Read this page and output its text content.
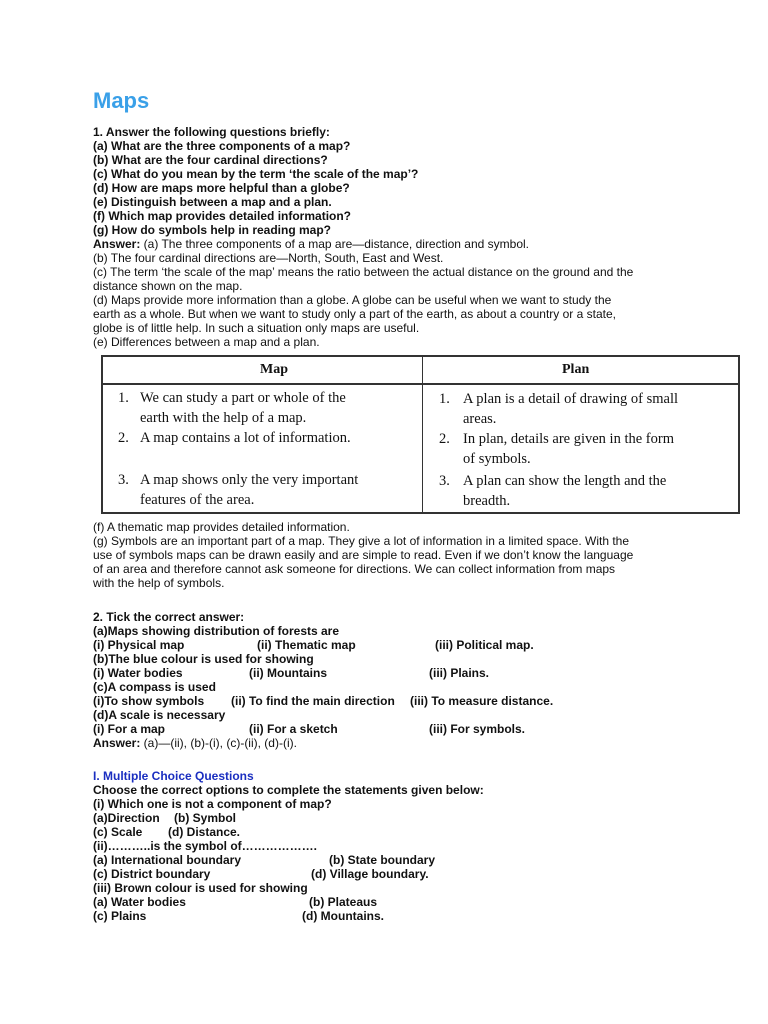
Maps
1. Answer the following questions briefly:
(a) What are the three components of a map?
(b) What are the four cardinal directions?
(c) What do you mean by the term ‘the scale of the map’?
(d) How are maps more helpful than a globe?
(e) Distinguish between a map and a plan.
(f) Which map provides detailed information?
(g) How do symbols help in reading map?
Answer: (a) The three components of a map are—distance, direction and symbol.
(b) The four cardinal directions are—North, South, East and West.
(c) The term ‘the scale of the map’ means the ratio between the actual distance on the ground and the
distance shown on the map.
(d) Maps provide more information than a globe. A globe can be useful when we want to study the
earth as a whole. But when we want to study only a part of the earth, as about a country or a state,
globe is of little help. In such a situation only maps are useful.
(e) Differences between a map and a plan.
Map	Plan
1. We can study a part or whole of the
earth with the help of a map.
2. A map contains a lot of information.
3. A map shows only the very important
features of the area.
1. A plan is a detail of drawing of small
areas.
2. In plan, details are given in the form
of symbols.
3. A plan can show the length and the
breadth.
(f) A thematic map provides detailed information.
(g) Symbols are an important part of a map. They give a lot of information in a limited space. With the
use of symbols maps can be drawn easily and are simple to read. Even if we don’t know the language
of an area and therefore cannot ask someone for directions. We can collect information from maps
with the help of symbols.
2. Tick the correct answer:
(a)Maps showing distribution of forests are
(i) Physical map	(ii) Thematic map	(iii) Political map.
(b)The blue colour is used for showing
(i) Water bodies	(ii) Mountains	(iii) Plains.
(c)A compass is used
(i)To show symbols (ii) To find the main direction (iii) To measure distance.
(d)A scale is necessary
(i) For a map	(ii) For a sketch	(iii) For symbols.
Answer: (a)—(ii), (b)-(i), (c)-(ii), (d)-(i).
I. Multiple Choice Questions
Choose the correct options to complete the statements given below:
(i) Which one is not a component of map?
(a)Direction (b) Symbol
(c) Scale (d) Distance.
(ii)………..is the symbol of……………….
(a) International boundary	(b) State boundary
(c) District boundary	(d) Village boundary.
(iii) Brown colour is used for showing
(a) Water bodies	(b) Plateaus
(c) Plains	(d) Mountains.
